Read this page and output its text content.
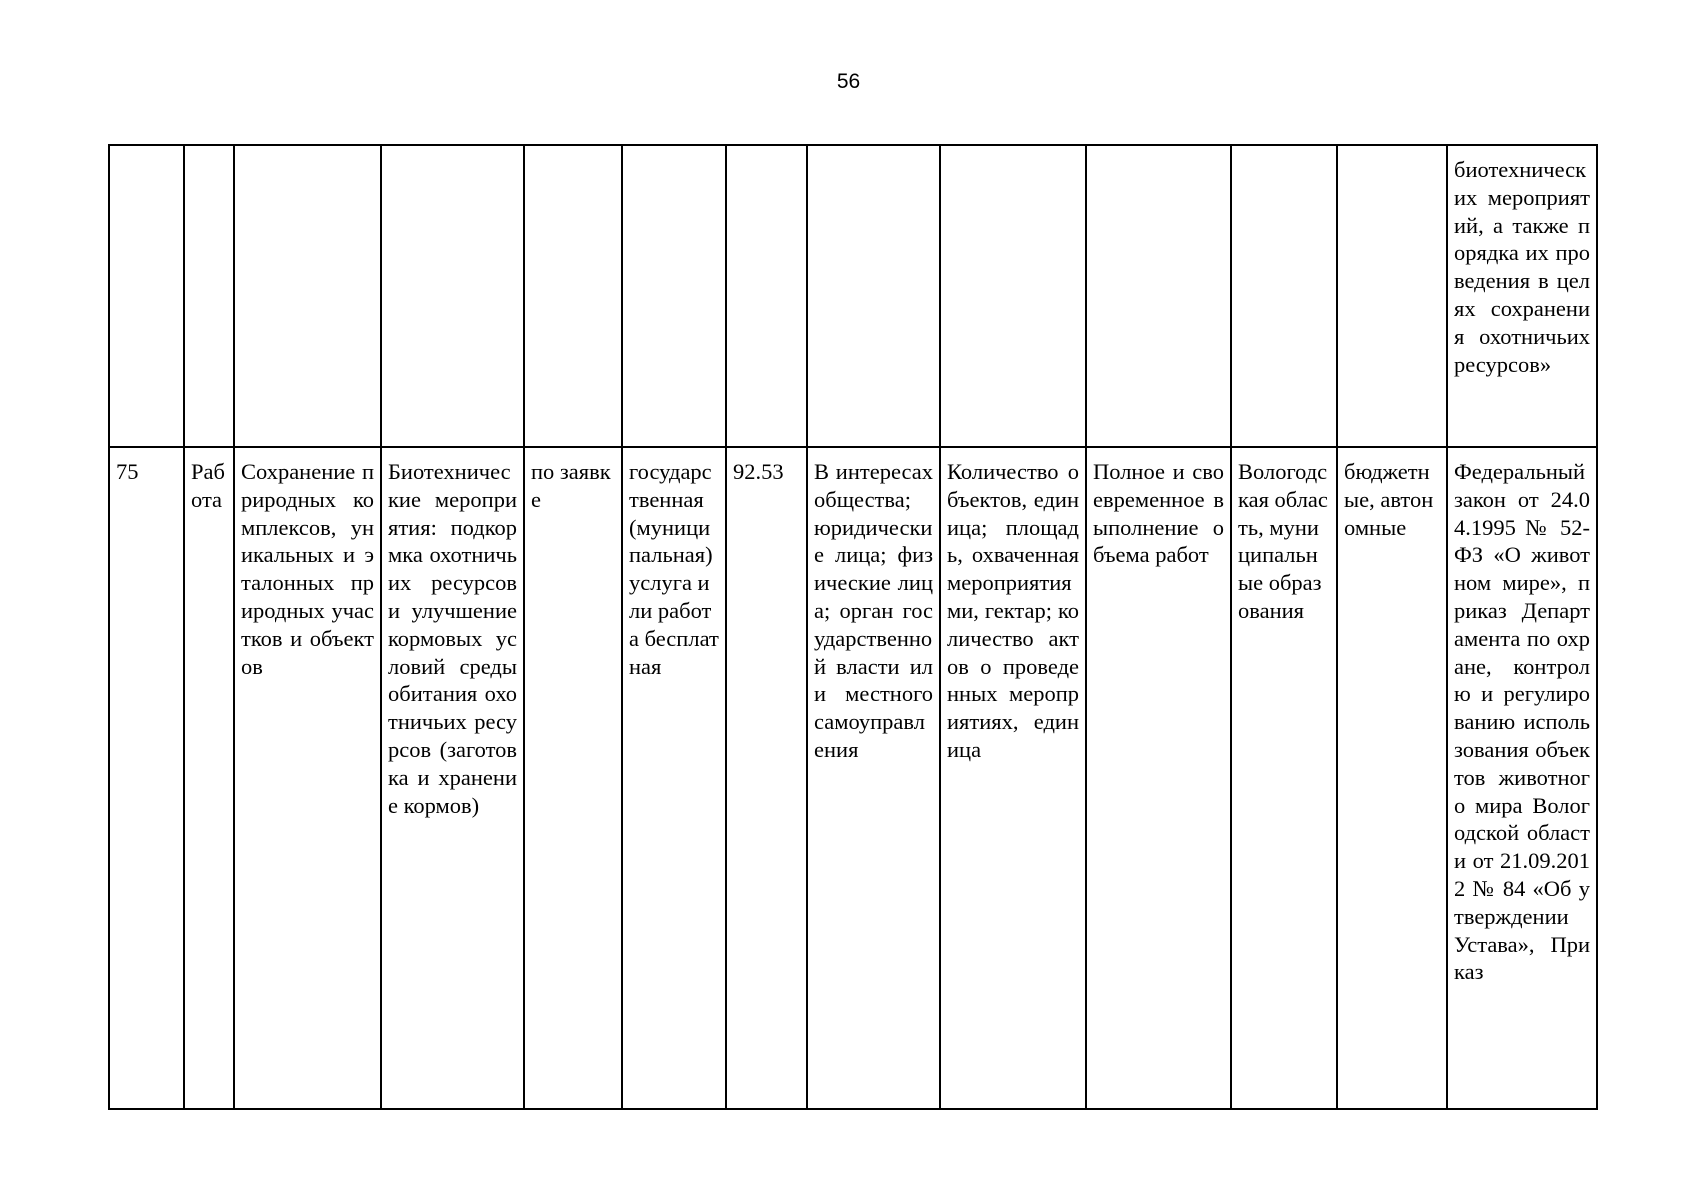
56
												биотехнических мероприятий, а также порядка их проведения в целях сохранения охотничьих ресурсов»
75	Работа	Сохранение природных комплексов, уникальных и эталонных природных участков и объектов	Биотехнические мероприятия: подкормка охотничьих ресурсов и улучшение кормовых условий среды обитания охотничьих ресурсов (заготовка и хранение кормов)	по заявке	государственная (муниципальная) услуга или работа бесплатная	92.53	В интересах общества; юридические лица; физические лица; орган государственной власти или местного самоуправления	Количество объектов, единица; площадь, охваченная мероприятиями, гектар; количество актов о проведенных мероприятиях, единица	Полное и своевременное выполнение объема работ	Вологодская область, муниципальные образования	бюджетные, автономные	Федеральный закон от 24.04.1995 № 52-ФЗ «О животном мире», приказ Департамента по охране, контролю и регулированию использования объектов животного мира Вологодской области от 21.09.2012 № 84 «Об утверждении Устава», Приказ
